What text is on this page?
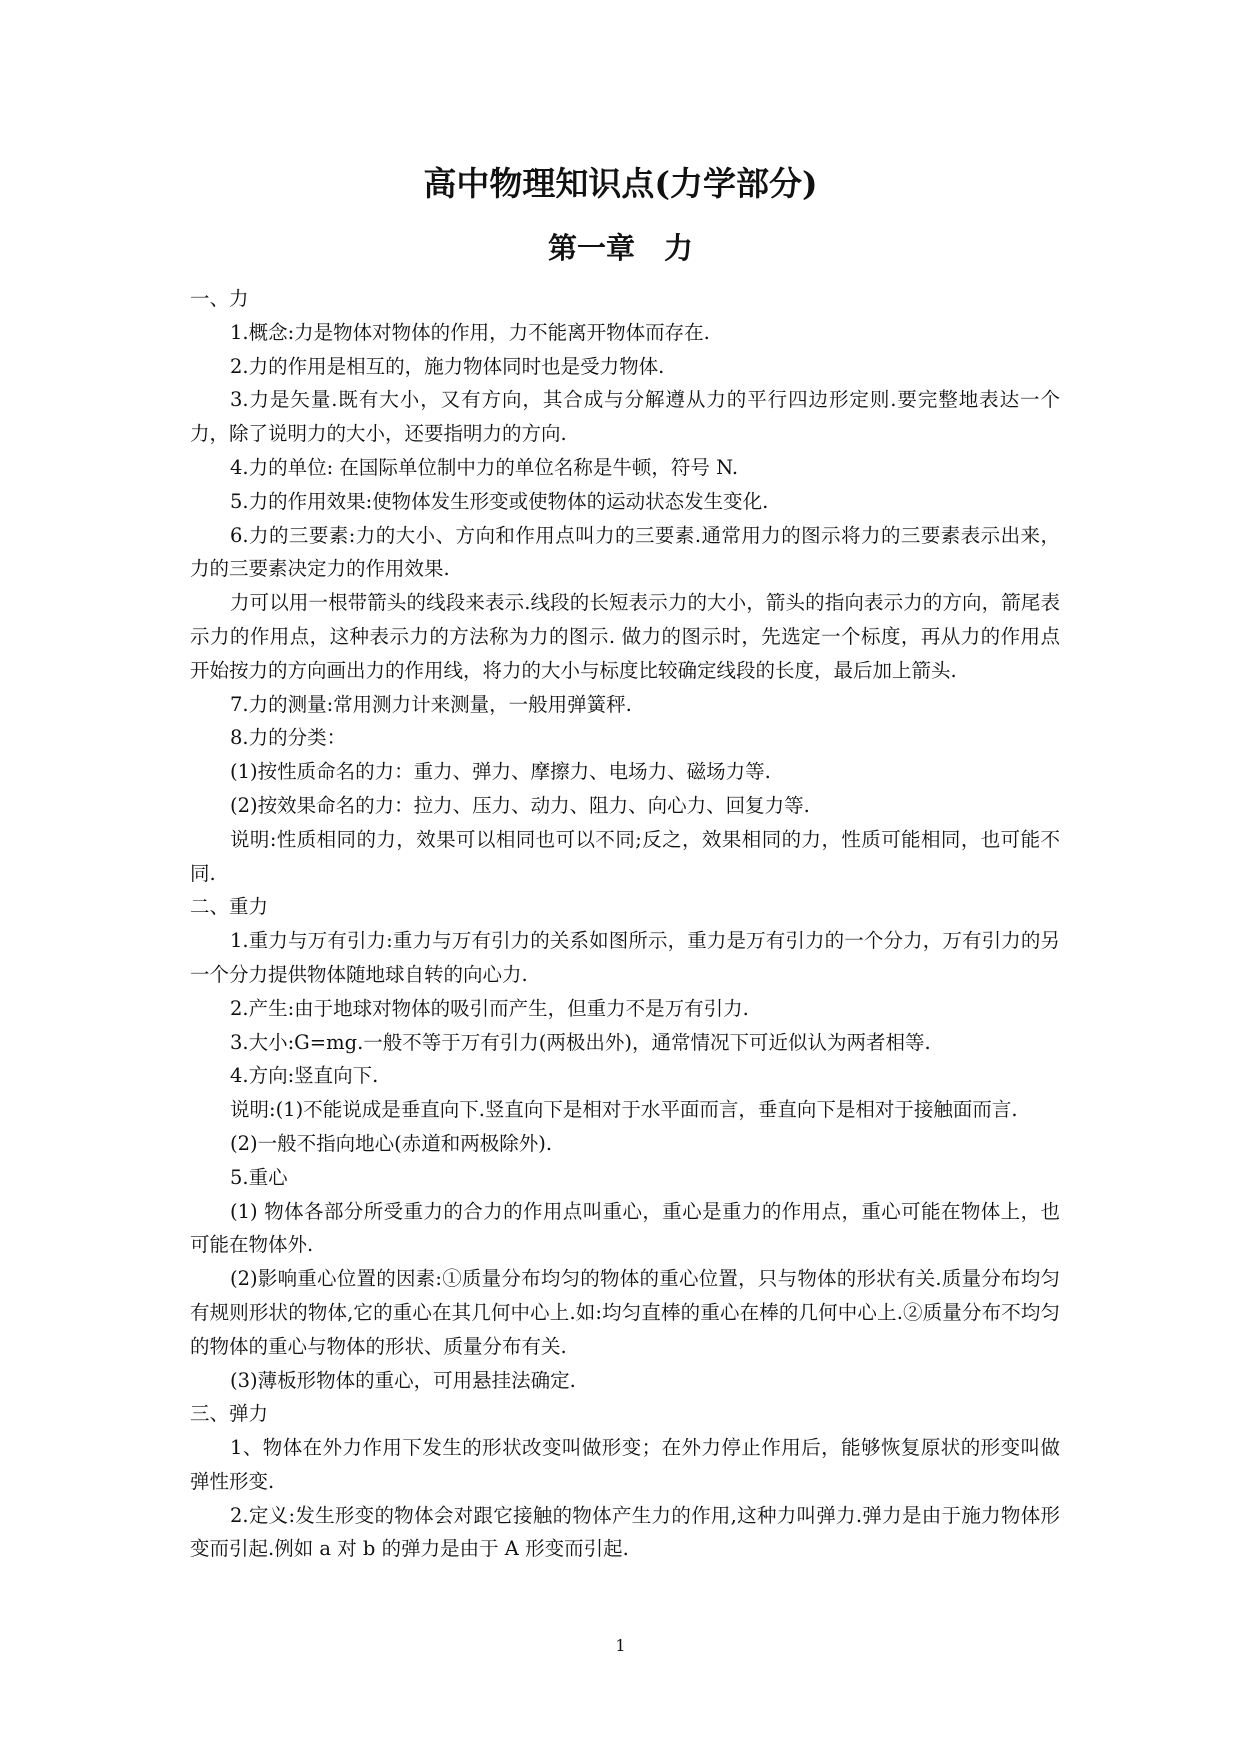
高中物理知识点(力学部分)
第一章　力

一、力

1.概念:力是物体对物体的作用，力不能离开物体而存在.

2.力的作用是相互的，施力物体同时也是受力物体.

3.力是矢量.既有大小，又有方向，其合成与分解遵从力的平行四边形定则.要完整地表达一个力，除了说明力的大小，还要指明力的方向.

4.力的单位: 在国际单位制中力的单位名称是牛顿，符号 N.

5.力的作用效果:使物体发生形变或使物体的运动状态发生变化.

6.力的三要素:力的大小、方向和作用点叫力的三要素.通常用力的图示将力的三要素表示出来，力的三要素决定力的作用效果.

力可以用一根带箭头的线段来表示.线段的长短表示力的大小，箭头的指向表示力的方向，箭尾表示力的作用点，这种表示力的方法称为力的图示. 做力的图示时，先选定一个标度，再从力的作用点开始按力的方向画出力的作用线，将力的大小与标度比较确定线段的长度，最后加上箭头.

7.力的测量:常用测力计来测量，一般用弹簧秤.

8.力的分类：

(1)按性质命名的力：重力、弹力、摩擦力、电场力、磁场力等.

(2)按效果命名的力：拉力、压力、动力、阻力、向心力、回复力等.

说明:性质相同的力，效果可以相同也可以不同;反之，效果相同的力，性质可能相同，也可能不同.

二、重力

1.重力与万有引力:重力与万有引力的关系如图所示，重力是万有引力的一个分力，万有引力的另一个分力提供物体随地球自转的向心力.

2.产生:由于地球对物体的吸引而产生，但重力不是万有引力.

3.大小:G=mg.一般不等于万有引力(两极出外)，通常情况下可近似认为两者相等.

4.方向:竖直向下.

说明:(1)不能说成是垂直向下.竖直向下是相对于水平面而言，垂直向下是相对于接触面而言.

(2)一般不指向地心(赤道和两极除外).

5.重心

(1) 物体各部分所受重力的合力的作用点叫重心，重心是重力的作用点，重心可能在物体上，也可能在物体外.

(2)影响重心位置的因素:①质量分布均匀的物体的重心位置，只与物体的形状有关.质量分布均匀有规则形状的物体,它的重心在其几何中心上.如:均匀直棒的重心在棒的几何中心上.②质量分布不均匀的物体的重心与物体的形状、质量分布有关.

(3)薄板形物体的重心，可用悬挂法确定.

三、弹力

1、物体在外力作用下发生的形状改变叫做形变；在外力停止作用后，能够恢复原状的形变叫做弹性形变.

2.定义:发生形变的物体会对跟它接触的物体产生力的作用,这种力叫弹力.弹力是由于施力物体形变而引起.例如 a 对 b 的弹力是由于 A 形变而引起.

1
